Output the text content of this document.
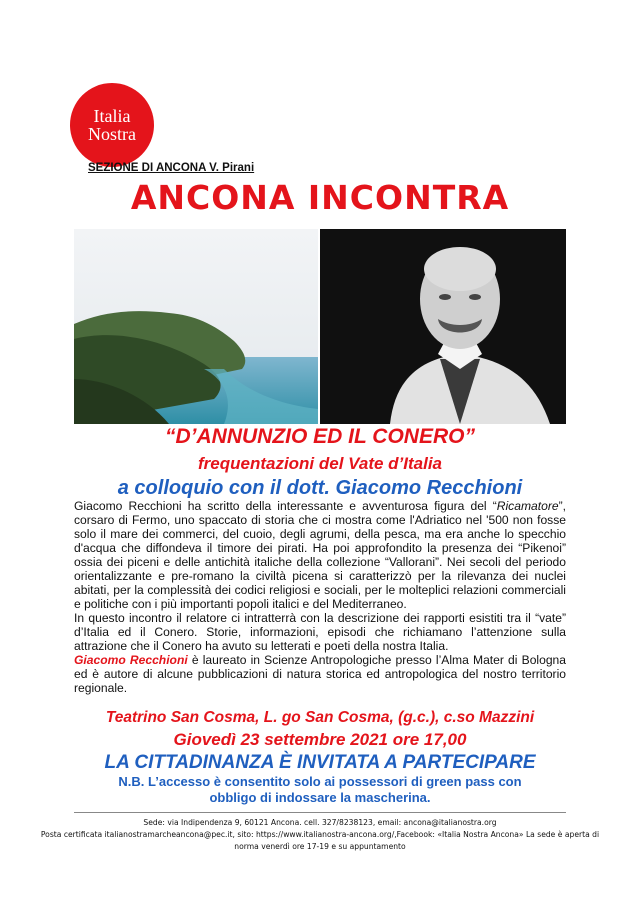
Italia
Nostra
SEZIONE DI ANCONA V. Pirani
ANCONA INCONTRA
“D’ANNUNZIO ED IL CONERO”
frequentazioni del Vate d’Italia
a colloquio con il dott. Giacomo Recchioni

Giacomo Recchioni ha scritto della interessante e avventurosa figura del “Ricamatore”, corsaro di Fermo, uno spaccato di storia che ci mostra come l'Adriatico nel '500 non fosse solo il mare dei commerci, del cuoio, degli agrumi, della pesca, ma era anche lo specchio d'acqua che diffondeva il timore dei pirati. Ha poi approfondito la presenza dei “Pikenoi” ossia dei piceni e delle antichità italiche della collezione “Vallorani”. Nei secoli del periodo orientalizzante e pre-romano la civiltà picena si caratterizzò per la rilevanza dei nuclei abitati, per la complessità dei codici religiosi e sociali, per le molteplici relazioni commerciali e politiche con i più importanti popoli italici e del Mediterraneo.

In questo incontro il relatore ci intratterrà con la descrizione dei rapporti esistiti tra il “vate” d’Italia ed il Conero. Storie, informazioni, episodi che richiamano l’attenzione sulla attrazione che il Conero ha avuto su letterati e poeti della nostra Italia.

Giacomo Recchioni è laureato in Scienze Antropologiche presso l’Alma Mater di Bologna ed è autore di alcune pubblicazioni di natura storica ed antropologica del nostro territorio regionale.

Teatrino San Cosma, L. go San Cosma, (g.c.), c.so Mazzini
Giovedì 23 settembre 2021 ore 17,00
LA CITTADINANZA È INVITATA A PARTECIPARE
N.B. L’accesso è consentito solo ai possessori di green pass con obbligo di indossare la mascherina.
Sede: via Indipendenza 9, 60121 Ancona. cell. 327/8238123, email: ancona@italianostra.org
Posta certificata italianostramarcheancona@pec.it, sito: https://www.italianostra-ancona.org/,Facebook: «Italia Nostra Ancona» La sede è aperta di norma venerdì ore 17-19 e su appuntamento
